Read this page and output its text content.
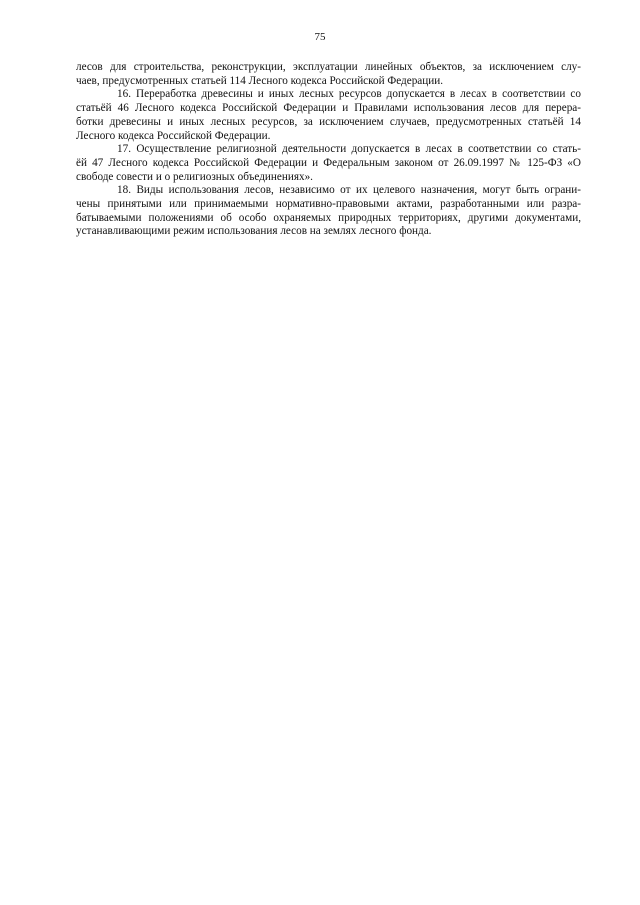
75
лесов для строительства, реконструкции, эксплуатации линейных объектов, за исключением слу-
чаев, предусмотренных статьей 114 Лесного кодекса Российской Федерации.
16. Переработка древесины и иных лесных ресурсов допускается в лесах в соответствии со
статьёй 46 Лесного кодекса Российской Федерации и Правилами использования лесов для перера-
ботки древесины и иных лесных ресурсов, за исключением случаев, предусмотренных статьёй 14
Лесного кодекса Российской Федерации.
17. Осуществление религиозной деятельности допускается в лесах в соответствии со стать-
ёй 47 Лесного кодекса Российской Федерации и Федеральным законом от 26.09.1997 № 125-ФЗ «О
свободе совести и о религиозных объединениях».
18. Виды использования лесов, независимо от их целевого назначения, могут быть ограни-
чены принятыми или принимаемыми нормативно-правовыми актами, разработанными или разра-
батываемыми положениями об особо охраняемых природных территориях, другими документами,
устанавливающими режим использования лесов на землях лесного фонда.
